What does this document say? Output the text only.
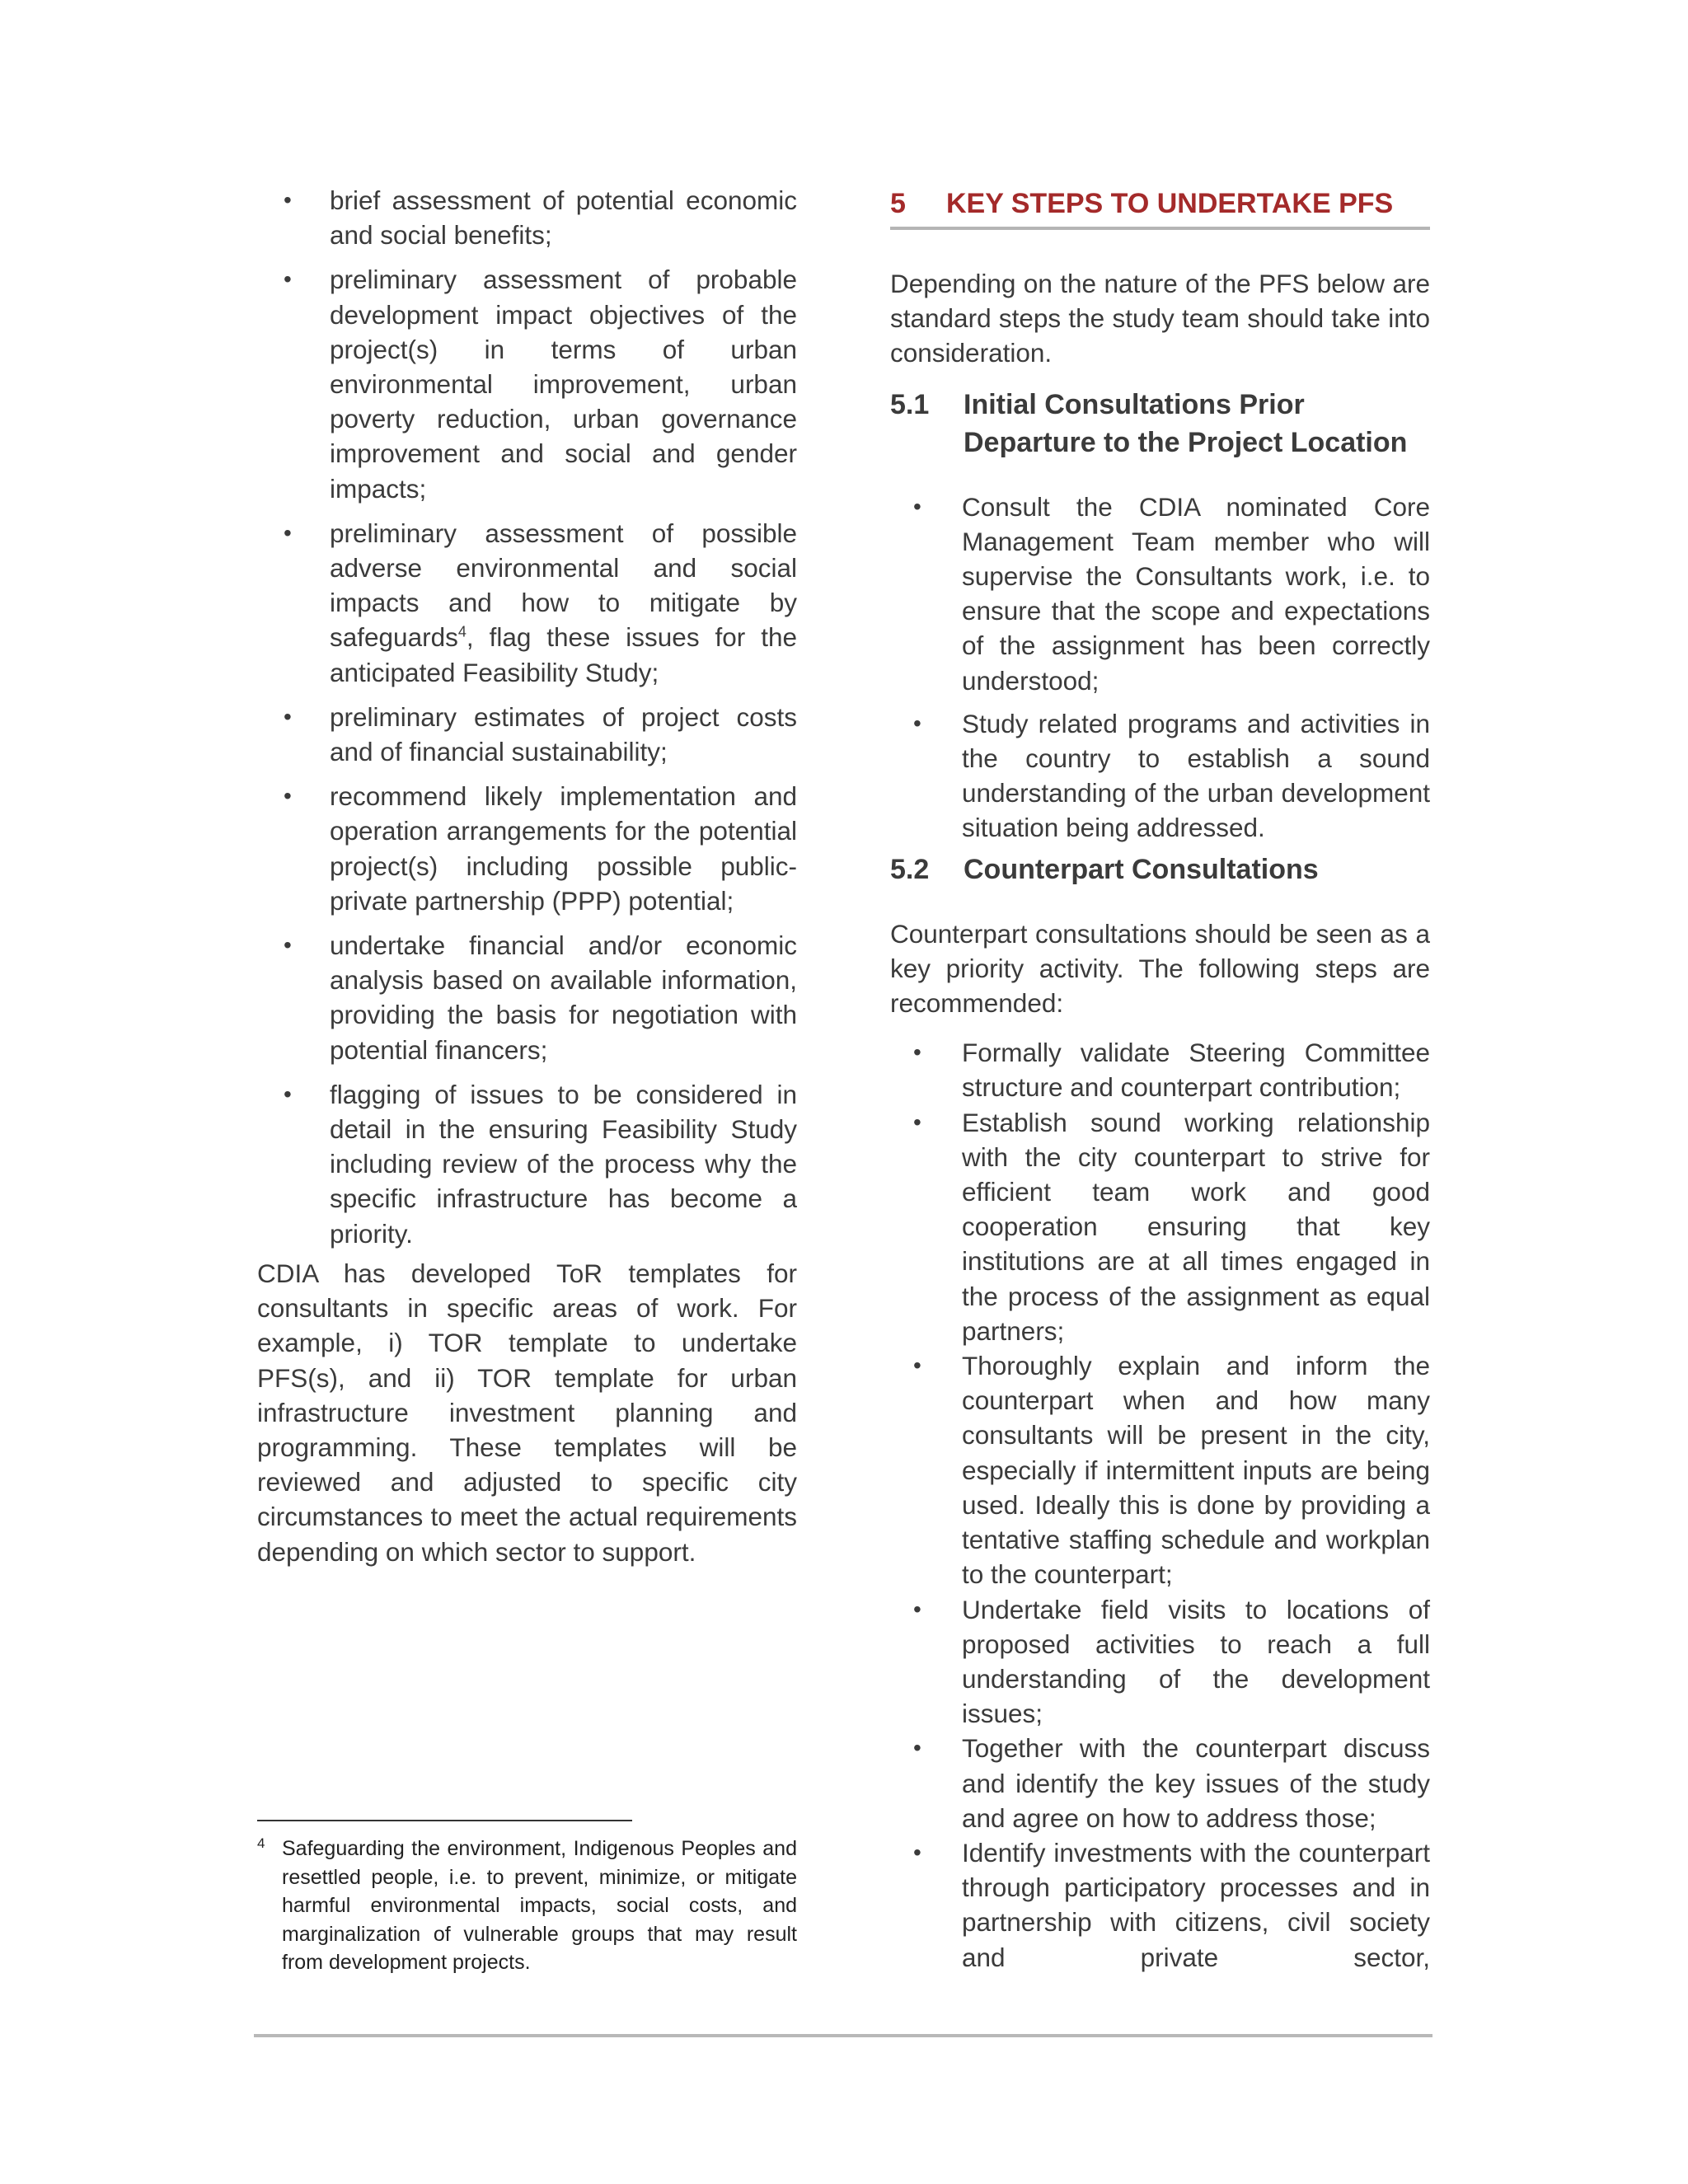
• brief assessment of potential economic and social benefits;
• preliminary assessment of probable development impact objectives of the project(s) in terms of urban environmental improvement, urban poverty reduction, urban governance improvement and social and gender impacts;
• preliminary assessment of possible adverse environmental and social impacts and how to mitigate by safeguards$^4$, flag these issues for the anticipated Feasibility Study;
• preliminary estimates of project costs and of financial sustainability;
• recommend likely implementation and operation arrangements for the potential project(s) including possible public-private partnership (PPP) potential;
• undertake financial and/or economic analysis based on available information, providing the basis for negotiation with potential financers;
• flagging of issues to be considered in detail in the ensuring Feasibility Study including review of the process why the specific infrastructure has become a priority.

CDIA has developed ToR templates for consultants in specific areas of work. For example, i) TOR template to undertake PFS(s), and ii) TOR template for urban infrastructure investment planning and programming. These templates will be reviewed and adjusted to specific city circumstances to meet the actual requirements depending on which sector to support.

4 Safeguarding the environment, Indigenous Peoples and resettled people, i.e. to prevent, minimize, or mitigate harmful environmental impacts, social costs, and marginalization of vulnerable groups that may result from development projects.
5	KEY STEPS TO UNDERTAKE PFS

Depending on the nature of the PFS below are standard steps the study team should take into consideration.

5.1	Initial Consultations Prior Departure to the Project Location
• Consult the CDIA nominated Core Management Team member who will supervise the Consultants work, i.e. to ensure that the scope and expectations of the assignment has been correctly understood;
• Study related programs and activities in the country to establish a sound understanding of the urban development situation being addressed.
5.2	Counterpart Consultations

Counterpart consultations should be seen as a key priority activity. The following steps are recommended:

• Formally validate Steering Committee structure and counterpart contribution;
• Establish sound working relationship with the city counterpart to strive for efficient team work and good cooperation ensuring that key institutions are at all times engaged in the process of the assignment as equal partners;
• Thoroughly explain and inform the counterpart when and how many consultants will be present in the city, especially if intermittent inputs are being used. Ideally this is done by providing a tentative staffing schedule and workplan to the counterpart;
• Undertake field visits to locations of proposed activities to reach a full understanding of the development issues;
• Together with the counterpart discuss and identify the key issues of the study and agree on how to address those;
• Identify investments with the counterpart through participatory processes and in partnership with citizens, civil society and private sector,
